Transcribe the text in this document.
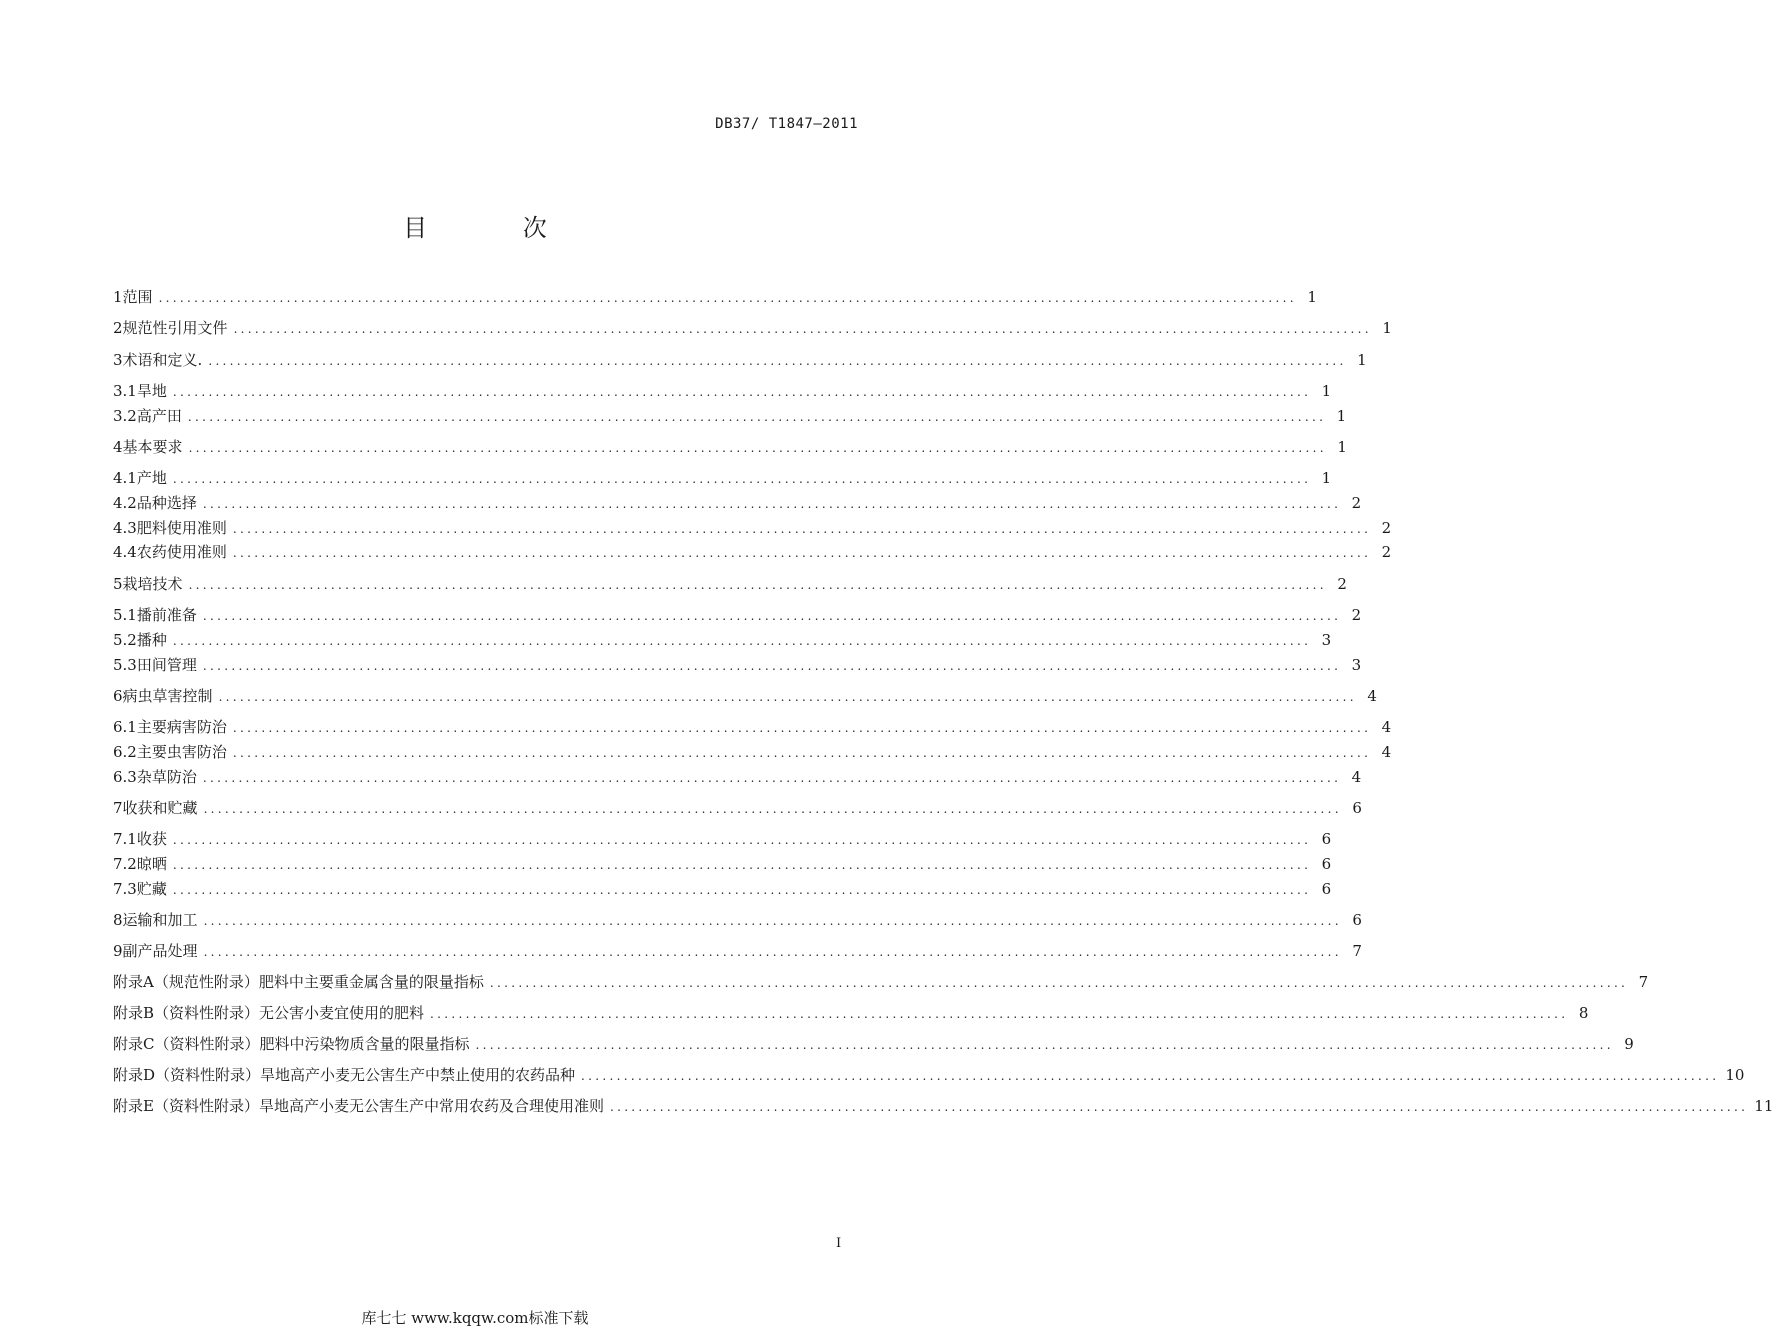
DB37/ T1847—2011
目 次
1 范围 ................................................................................................................................................................ 1
2 规范性引用文件 ................................................................................................................................................................ 1
3 术语和定义. ................................................................................................................................................................ 1
3.1 旱地 ................................................................................................................................................................ 1
3.2 高产田 ................................................................................................................................................................ 1
4 基本要求 ................................................................................................................................................................ 1
4.1 产地 ................................................................................................................................................................ 1
4.2 品种选择 ................................................................................................................................................................ 2
4.3 肥料使用准则 ................................................................................................................................................................ 2
4.4 农药使用准则 ................................................................................................................................................................ 2
5 栽培技术 ................................................................................................................................................................ 2
5.1 播前准备 ................................................................................................................................................................ 2
5.2 播种 ................................................................................................................................................................ 3
5.3 田间管理 ................................................................................................................................................................ 3
6 病虫草害控制 ................................................................................................................................................................ 4
6.1 主要病害防治 ................................................................................................................................................................ 4
6.2 主要虫害防治 ................................................................................................................................................................ 4
6.3 杂草防治 ................................................................................................................................................................ 4
7 收获和贮藏 ................................................................................................................................................................ 6
7.1 收获 ................................................................................................................................................................ 6
7.2 晾晒 ................................................................................................................................................................ 6
7.3 贮藏 ................................................................................................................................................................ 6
8 运输和加工 ................................................................................................................................................................ 6
9 副产品处理 ................................................................................................................................................................ 7
附录A（规范性附录） 肥料中主要重金属含量的限量指标 ................................................................................................................................................................ 7
附录B（资料性附录） 无公害小麦宜使用的肥料 ................................................................................................................................................................ 8
附录C（资料性附录） 肥料中污染物质含量的限量指标 ................................................................................................................................................................ 9
附录D（资料性附录） 旱地高产小麦无公害生产中禁止使用的农药品种 ................................................................................................................................................................ 10
附录E（资料性附录） 旱地高产小麦无公害生产中常用农药及合理使用准则 ................................................................................................................................................................ 11
I
库七七 www.kqqw.com标准下载
